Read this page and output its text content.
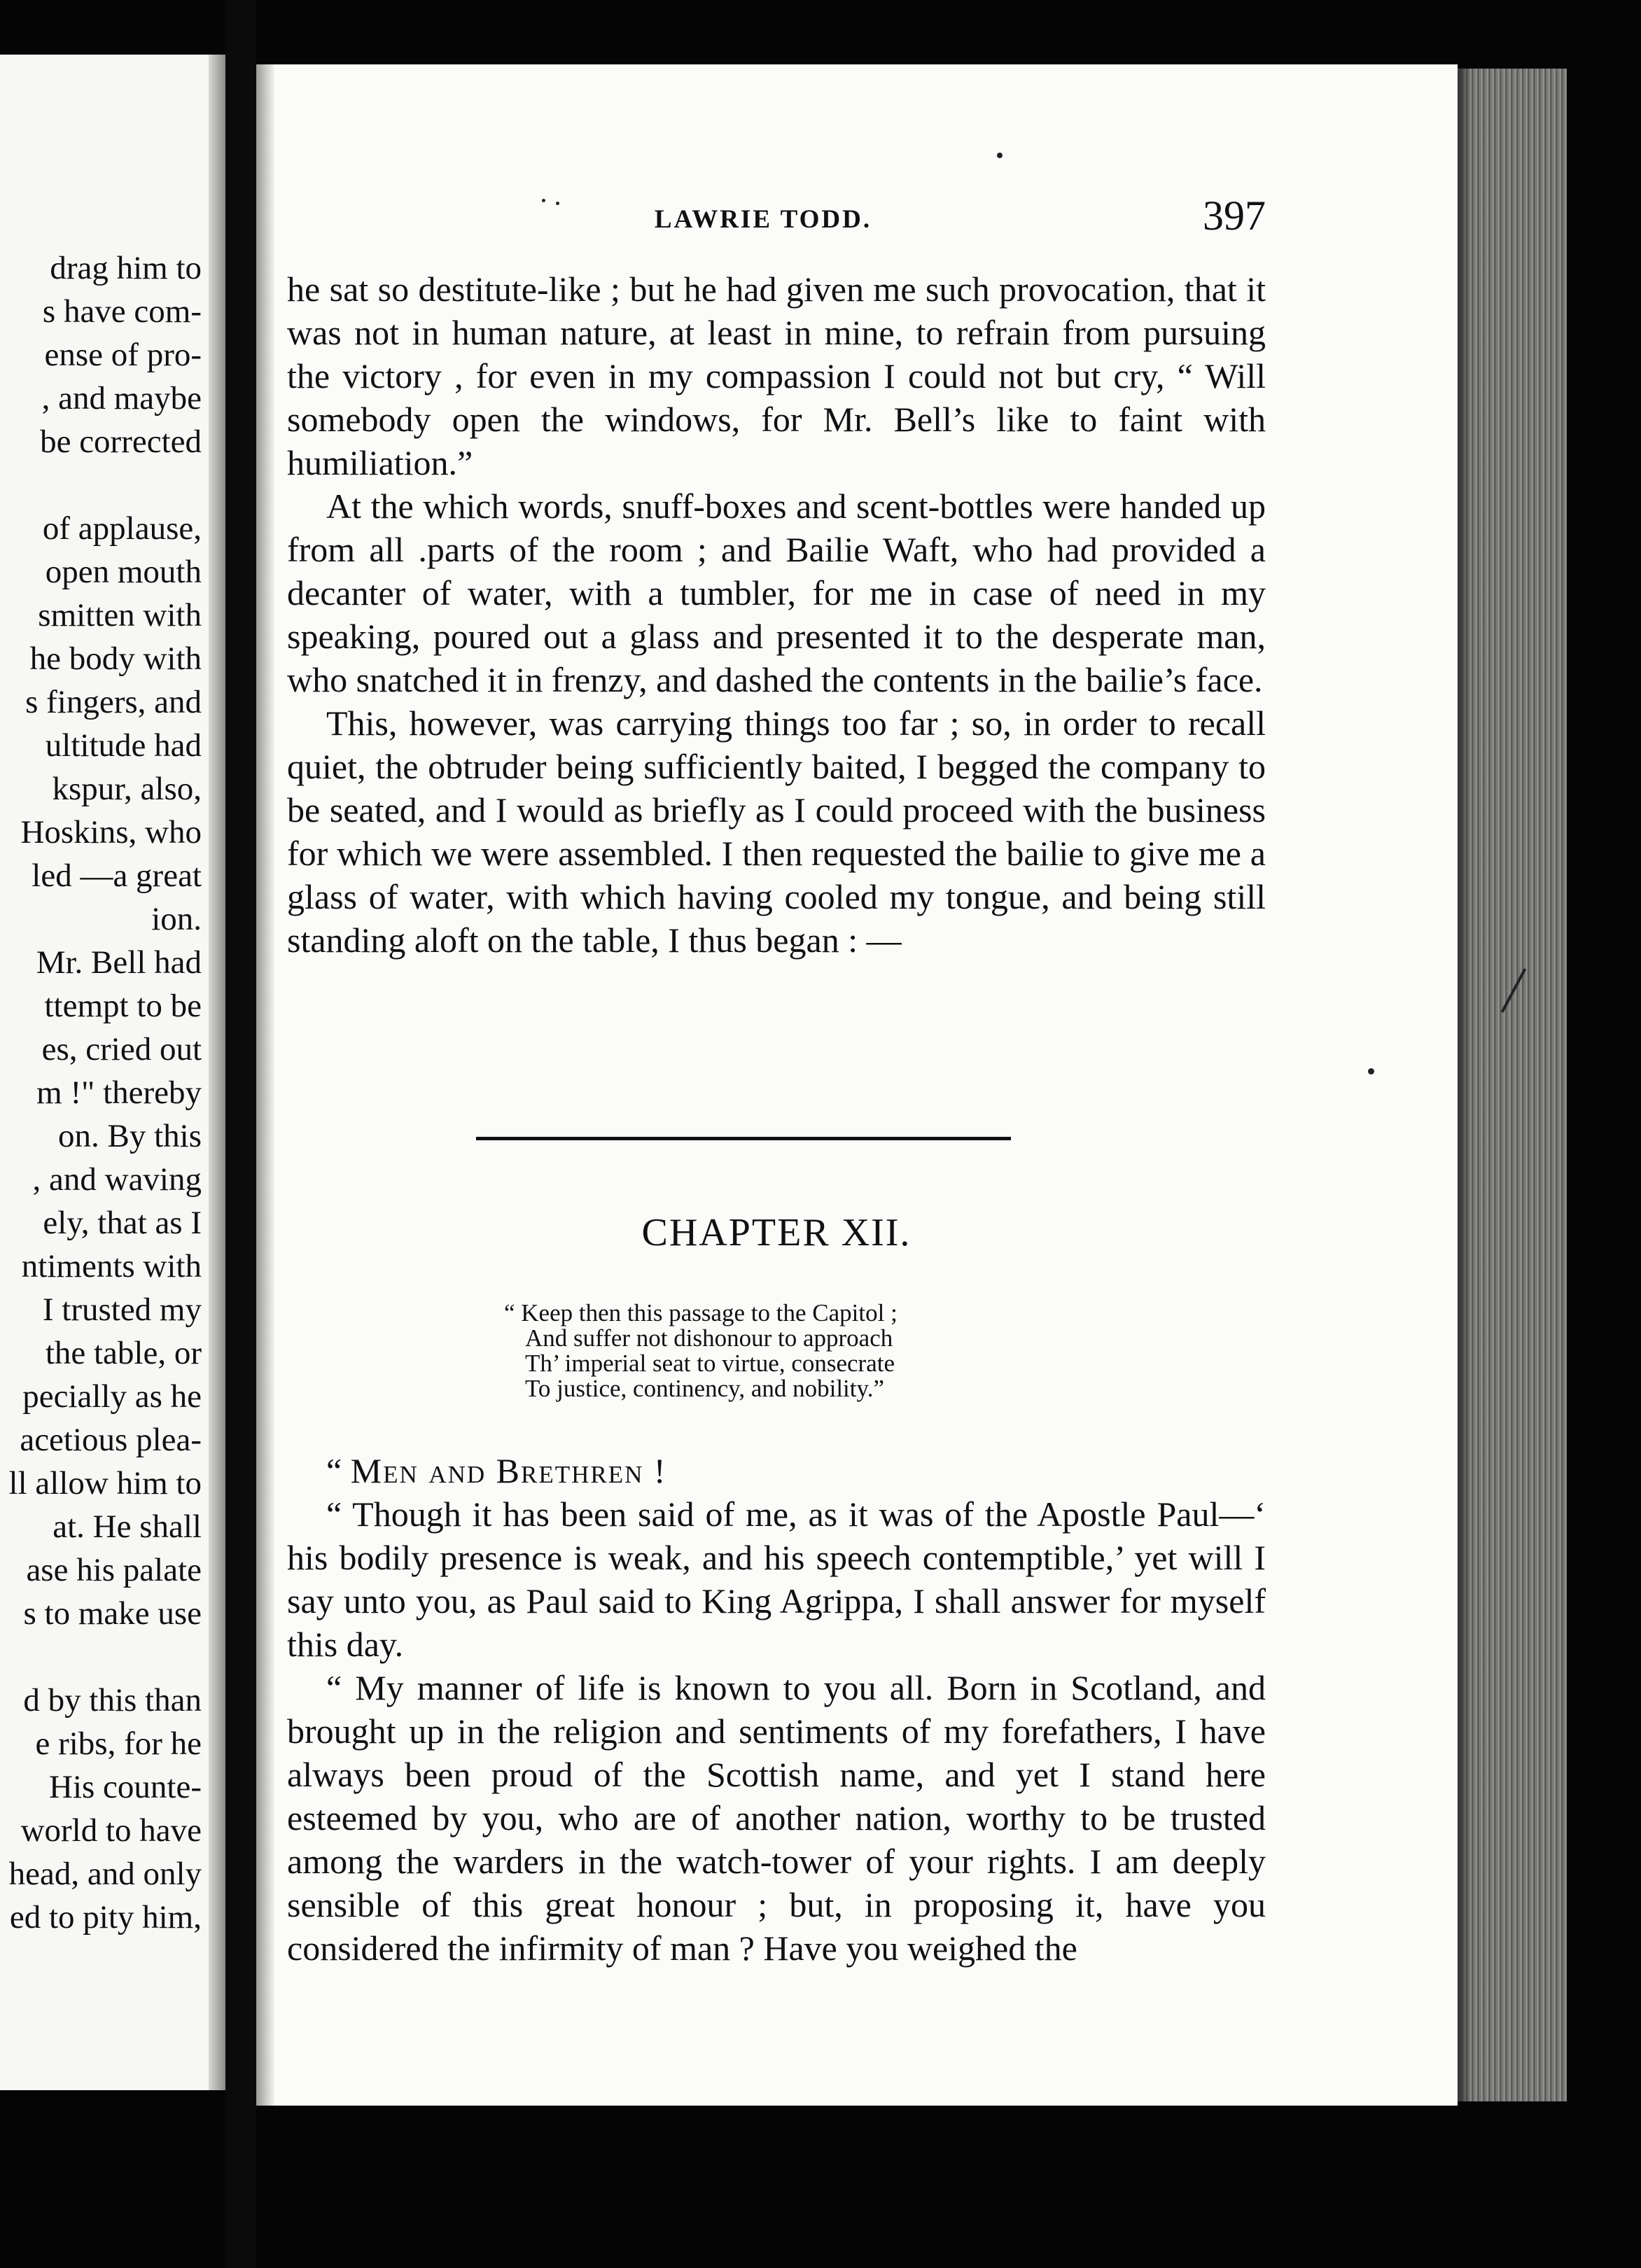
drag him to
s have com-
ense of pro-
, and maybe
be corrected
of applause,
open mouth
smitten with
he body with
s fingers, and
ultitude had
kspur, also,
Hoskins, who
led —a great
ion.
Mr. Bell had
ttempt to be
es, cried out
m !" thereby
on. By this
, and waving
ely, that as I
ntiments with
I trusted my
the table, or
pecially as he
acetious plea-
ll allow him to
at. He shall
ase his palate
s to make use
d by this than
e ribs, for he
His counte-
world to have
head, and only
ed to pity him,
LAWRIE TODD.	397

he sat so destitute-like ; but he had given me such provocation, that it was not in human nature, at least in mine, to refrain from pursuing the victory , for even in my compassion I could not but cry, “ Will somebody open the windows, for Mr. Bell’s like to faint with humiliation.”

At the which words, snuff-boxes and scent-bottles were handed up from all .parts of the room ; and Bailie Waft, who had provided a decanter of water, with a tumbler, for me in case of need in my speaking, poured out a glass and presented it to the desperate man, who snatched it in frenzy, and dashed the contents in the bailie’s face.

This, however, was carrying things too far ; so, in order to recall quiet, the obtruder being sufficiently baited, I begged the company to be seated, and I would as briefly as I could proceed with the business for which we were assembled. I then requested the bailie to give me a glass of water, with which having cooled my tongue, and being still standing aloft on the table, I thus began : —

CHAPTER XII.
“ Keep then this passage to the Capitol ;
And suffer not dishonour to approach
Th’ imperial seat to virtue, consecrate
To justice, continency, and nobility.”
“ Men and Brethren !

“ Though it has been said of me, as it was of the Apostle Paul—‘ his bodily presence is weak, and his speech contemptible,’ yet will I say unto you, as Paul said to King Agrippa, I shall answer for myself this day.

“ My manner of life is known to you all. Born in Scotland, and brought up in the religion and sentiments of my forefathers, I have always been proud of the Scottish name, and yet I stand here esteemed by you, who are of another nation, worthy to be trusted among the warders in the watch-tower of your rights. I am deeply sensible of this great honour ; but, in proposing it, have you considered the infirmity of man ? Have you weighed the
